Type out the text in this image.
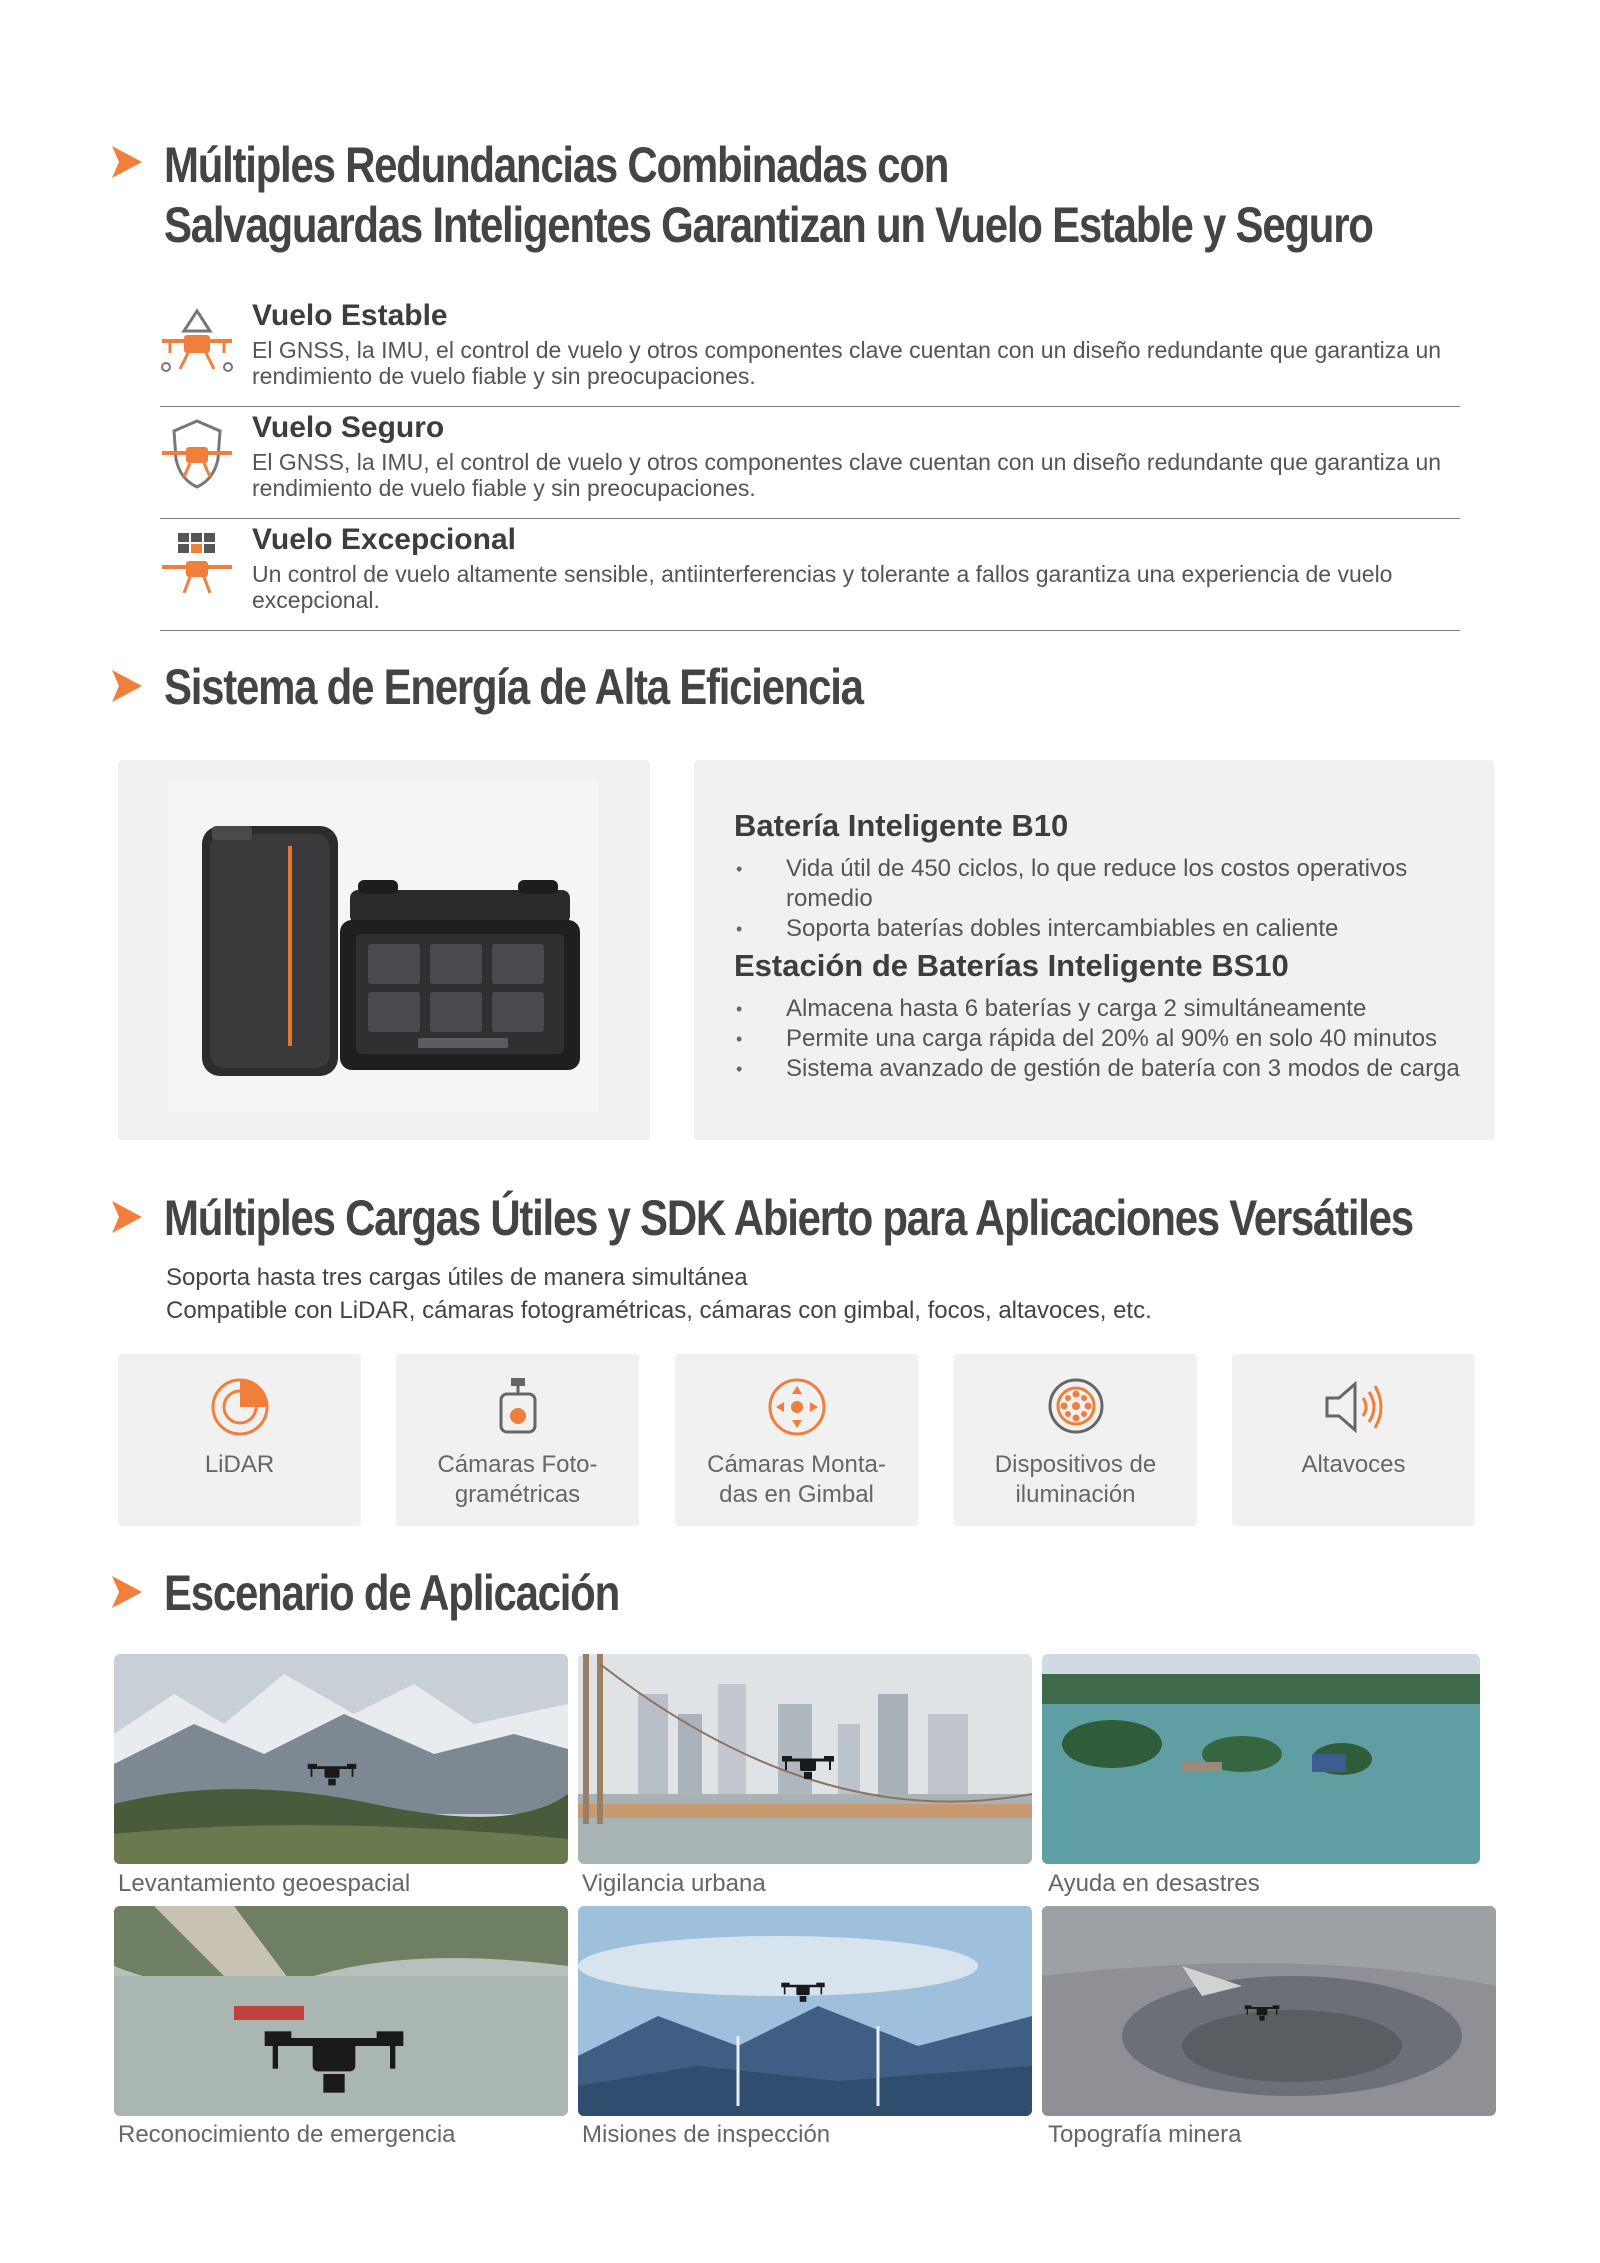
Múltiples Redundancias Combinadas con
Salvaguardas Inteligentes Garantizan un Vuelo Estable y Seguro
Vuelo Estable
El GNSS, la IMU, el control de vuelo y otros componentes clave cuentan con un diseño redundante que garantiza un rendimiento de vuelo fiable y sin preocupaciones.
Vuelo Seguro
El GNSS, la IMU, el control de vuelo y otros componentes clave cuentan con un diseño redundante que garantiza un rendimiento de vuelo fiable y sin preocupaciones.
Vuelo Excepcional
Un control de vuelo altamente sensible, antiinterferencias y tolerante a fallos garantiza una experiencia de vuelo excepcional.
Sistema de Energía de Alta Eficiencia
Batería Inteligente B10
• Vida útil de 450 ciclos, lo que reduce los costos operativos romedio
• Soporta baterías dobles intercambiables en caliente
Estación de Baterías Inteligente BS10
• Almacena hasta 6 baterías y carga 2 simultáneamente
• Permite una carga rápida del 20% al 90% en solo 40 minutos
• Sistema avanzado de gestión de batería con 3 modos de carga
Múltiples Cargas Útiles y SDK Abierto para Aplicaciones Versátiles
Soporta hasta tres cargas útiles de manera simultánea
Compatible con LiDAR, cámaras fotogramétricas, cámaras con gimbal, focos, altavoces, etc.
LiDAR	Cámaras Foto-
gramétricas
Cámaras Monta-
das en Gimbal
Dispositivos de
iluminación
Altavoces

Escenario de Aplicación
Levantamiento geoespacial	Vigilancia urbana	Ayuda en desastres
Reconocimiento de emergencia	Misiones de inspección	Topografía minera
